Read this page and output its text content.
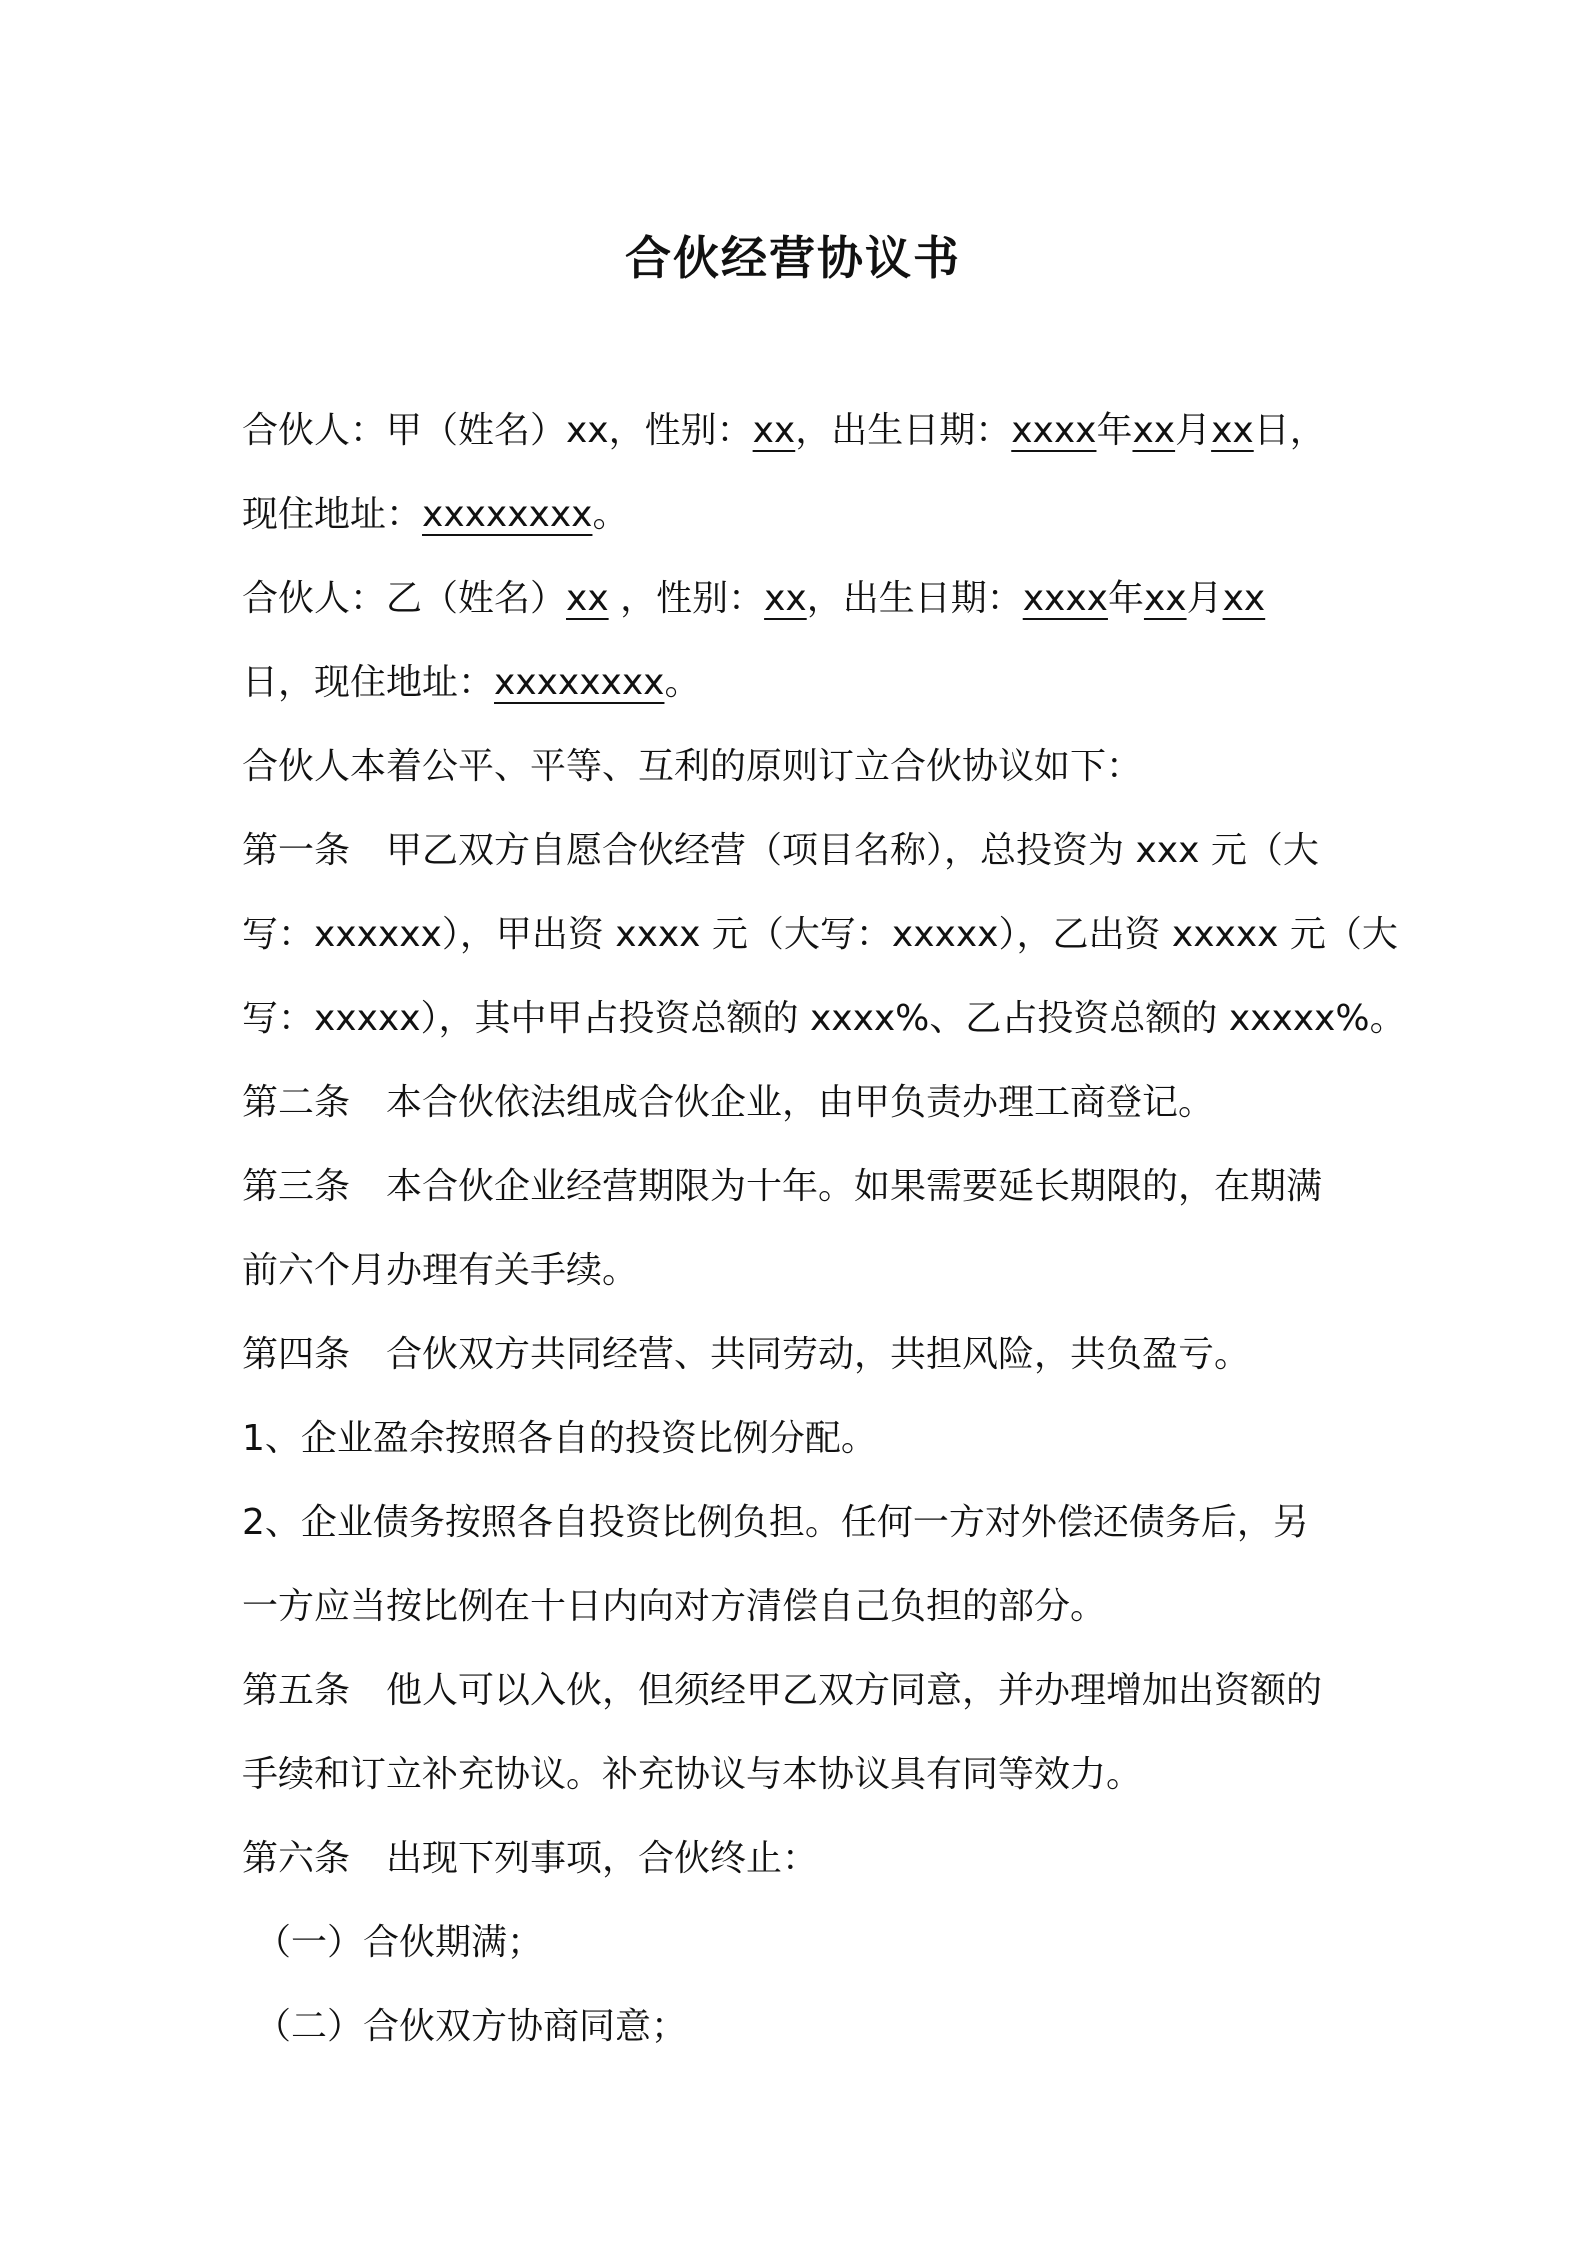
合伙经营协议书
合伙人：甲（姓名）xx，性别：xx，出生日期：xxxx年xx月xx日，
现住地址：xxxxxxxx。
合伙人：乙（姓名）xx ，性别：xx，出生日期：xxxx年xx月xx
日，现住地址：xxxxxxxx。
合伙人本着公平、平等、互利的原则订立合伙协议如下：
第一条 甲乙双方自愿合伙经营（项目名称），总投资为 xxx 元（大
写：xxxxxx），甲出资 xxxx 元（大写：xxxxx），乙出资 xxxxx 元（大
写：xxxxx），其中甲占投资总额的 xxxx%、乙占投资总额的 xxxxx%。
第二条 本合伙依法组成合伙企业，由甲负责办理工商登记。
第三条 本合伙企业经营期限为十年。如果需要延长期限的，在期满
前六个月办理有关手续。
第四条 合伙双方共同经营、共同劳动，共担风险，共负盈亏。
1、企业盈余按照各自的投资比例分配。
2、企业债务按照各自投资比例负担。任何一方对外偿还债务后，另
一方应当按比例在十日内向对方清偿自己负担的部分。
第五条 他人可以入伙，但须经甲乙双方同意，并办理增加出资额的
手续和订立补充协议。补充协议与本协议具有同等效力。
第六条 出现下列事项，合伙终止：
（一）合伙期满；
（二）合伙双方协商同意；
